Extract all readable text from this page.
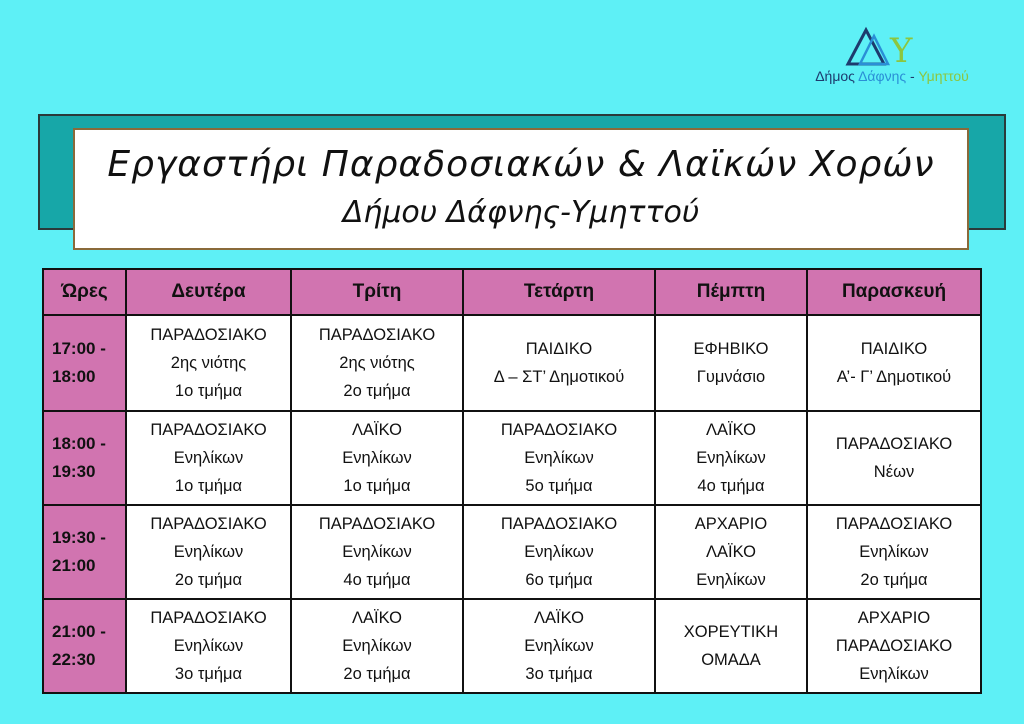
Y
Δήμος Δάφνης - Υμηττού
Εργαστήρι Παραδοσιακών & Λαϊκών Χορών
Δήμου Δάφνης-Υμηττού
Ώρες	Δευτέρα	Τρίτη	Τετάρτη	Πέμπτη	Παρασκευή

17:00 -
18:00	ΠΑΡΑΔΟΣΙΑΚΟ
2ης νιότης
1ο τμήμα	ΠΑΡΑΔΟΣΙΑΚΟ
2ης νιότης
2ο τμήμα	ΠΑΙΔΙΚΟ
Δ – ΣΤ’ Δημοτικού	ΕΦΗΒΙΚΟ
Γυμνάσιο	ΠΑΙΔΙΚΟ
Α’- Γ’ Δημοτικού

18:00 -
19:30	ΠΑΡΑΔΟΣΙΑΚΟ
Ενηλίκων
1ο τμήμα	ΛΑΪΚΟ
Ενηλίκων
1ο τμήμα	ΠΑΡΑΔΟΣΙΑΚΟ
Ενηλίκων
5ο τμήμα	ΛΑΪΚΟ
Ενηλίκων
4ο τμήμα	ΠΑΡΑΔΟΣΙΑΚΟ
Νέων

19:30 -
21:00	ΠΑΡΑΔΟΣΙΑΚΟ
Ενηλίκων
2ο τμήμα	ΠΑΡΑΔΟΣΙΑΚΟ
Ενηλίκων
4ο τμήμα	ΠΑΡΑΔΟΣΙΑΚΟ
Ενηλίκων
6ο τμήμα	ΑΡΧΑΡΙΟ
ΛΑΪΚΟ
Ενηλίκων	ΠΑΡΑΔΟΣΙΑΚΟ
Ενηλίκων
2ο τμήμα

21:00 -
22:30	ΠΑΡΑΔΟΣΙΑΚΟ
Ενηλίκων
3ο τμήμα	ΛΑΪΚΟ
Ενηλίκων
2ο τμήμα	ΛΑΪΚΟ
Ενηλίκων
3ο τμήμα	ΧΟΡΕΥΤΙΚΗ
ΟΜΑΔΑ	ΑΡΧΑΡΙΟ
ΠΑΡΑΔΟΣΙΑΚΟ
Ενηλίκων
